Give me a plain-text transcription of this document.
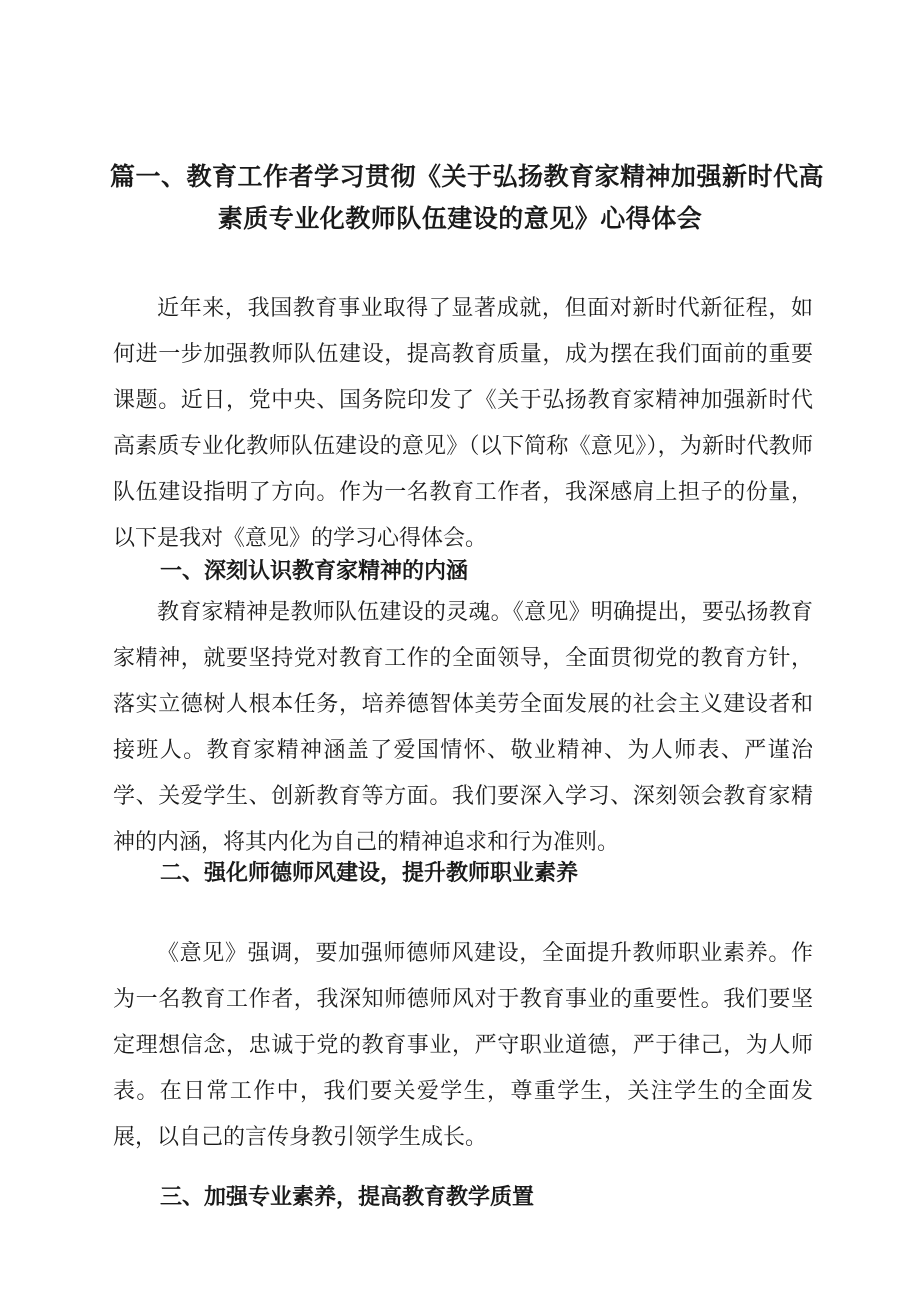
篇一、教育工作者学习贯彻《关于弘扬教育家精神加强新时代高
素质专业化教师队伍建设的意见》心得体会

近年来，我国教育事业取得了显著成就，但面对新时代新征程，如何进一步加强教师队伍建设，提高教育质量，成为摆在我们面前的重要课题。近日，党中央、国务院印发了《关于弘扬教育家精神加强新时代高素质专业化教师队伍建设的意见》（以下简称《意见》），为新时代教师队伍建设指明了方向。作为一名教育工作者，我深感肩上担子的份量，以下是我对《意见》的学习心得体会。

一、深刻认识教育家精神的内涵

教育家精神是教师队伍建设的灵魂。《意见》明确提出，要弘扬教育家精神，就要坚持党对教育工作的全面领导，全面贯彻党的教育方针，落实立德树人根本任务，培养德智体美劳全面发展的社会主义建设者和接班人。教育家精神涵盖了爱国情怀、敬业精神、为人师表、严谨治学、关爱学生、创新教育等方面。我们要深入学习、深刻领会教育家精神的内涵，将其内化为自己的精神追求和行为准则。

二、强化师德师风建设，提升教师职业素养

《意见》强调，要加强师德师风建设，全面提升教师职业素养。作为一名教育工作者，我深知师德师风对于教育事业的重要性。我们要坚定理想信念，忠诚于党的教育事业，严守职业道德，严于律己，为人师表。在日常工作中，我们要关爱学生，尊重学生，关注学生的全面发展，以自己的言传身教引领学生成长。

三、加强专业素养，提高教育教学质置
